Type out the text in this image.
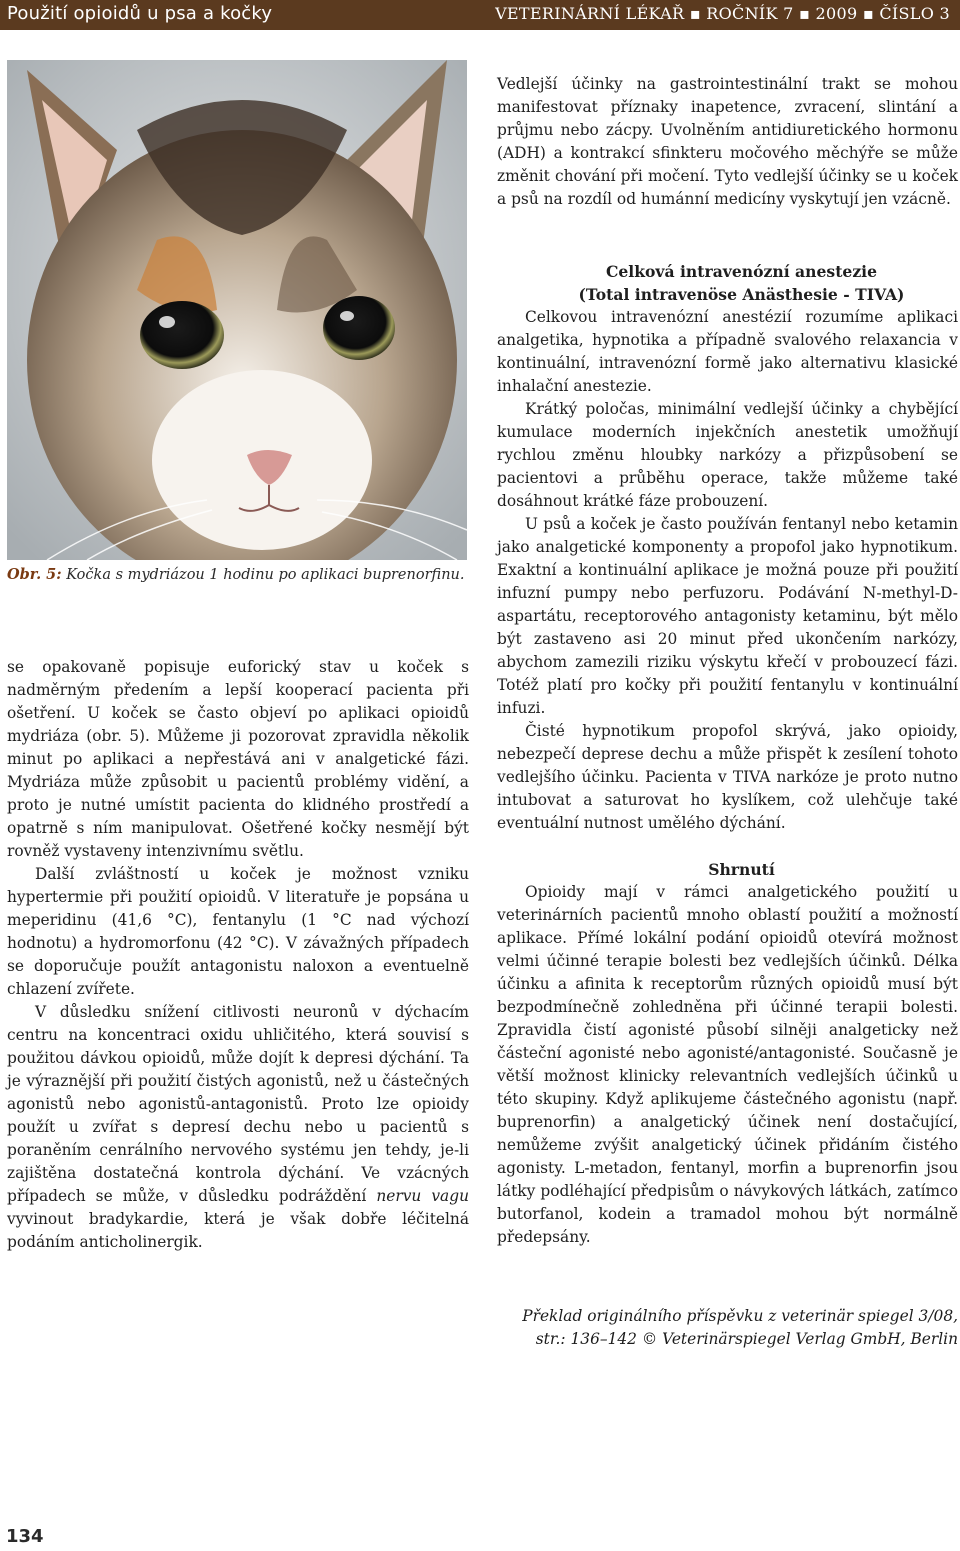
Použití opioidů u psa a kočky	VETERINÁRNÍ LÉKAŘ ▪ ROČNÍK 7 ▪ 2009 ▪ ČÍSLO 3
Obr. 5: Kočka s mydriázou 1 hodinu po aplikaci buprenorfinu.

se opakovaně popisuje euforický stav u koček s nadměrným předením a lepší kooperací pacienta při ošetření. U koček se často objeví po aplikaci opioidů mydriáza (obr. 5). Můžeme ji pozorovat zpravidla několik minut po aplikaci a nepřestává ani v analgetické fázi. Mydriáza může způsobit u pacientů problémy vidění, a proto je nutné umístit pacienta do klidného prostředí a opatrně s ním manipulovat. Ošetřené kočky nesmějí být rovněž vystaveny intenzivnímu světlu.

Další zvláštností u koček je možnost vzniku hypertermie při použití opioidů. V literatuře je popsána u meperidinu (41,6 °C), fentanylu (1 °C nad výchozí hodnotu) a hydromorfonu (42 °C). V závažných případech se doporučuje použít antagonistu naloxon a eventuelně chlazení zvířete.

V důsledku snížení citlivosti neuronů v dýchacím centru na koncentraci oxidu uhličitého, která souvisí s použitou dávkou opioidů, může dojít k depresi dýchání. Ta je výraznější při použití čistých agonistů, než u částečných agonistů nebo agonistů-antagonistů. Proto lze opioidy použít u zvířat s depresí dechu nebo u pacientů s poraněním cenrálního nervového systému jen tehdy, je-li zajištěna dostatečná kontrola dýchání. Ve vzácných případech se může, v důsledku podráždění nervu vagu vyvinout bradykardie, která je však dobře léčitelná podáním anticholinergik.

Vedlejší účinky na gastrointestinální trakt se mohou manifestovat příznaky inapetence, zvracení, slintání a průjmu nebo zácpy. Uvolněním antidiuretického hormonu (ADH) a kontrakcí sfinkteru močového měchýře se může změnit chování při močení. Tyto vedlejší účinky se u koček a psů na rozdíl od humánní medicíny vyskytují jen vzácně.

Celková intravenózní anestezie

(Total intravenöse Anästhesie - TIVA)

Celkovou intravenózní anestézií rozumíme aplikaci analgetika, hypnotika a případně svalového relaxancia v kontinuální, intravenózní formě jako alternativu klasické inhalační anestezie.

Krátký poločas, minimální vedlejší účinky a chybějící kumulace moderních injekčních anestetik umožňují rychlou změnu hloubky narkózy a přizpůsobení se pacientovi a průběhu operace, takže můžeme také dosáhnout krátké fáze probouzení.

U psů a koček je často používán fentanyl nebo ketamin jako analgetické komponenty a propofol jako hypnotikum. Exaktní a kontinuální aplikace je možná pouze při použití infuzní pumpy nebo perfuzoru. Podávání N-methyl-D-aspartátu, receptorového antagonisty ketaminu, být mělo být zastaveno asi 20 minut před ukončením narkózy, abychom zamezili riziku výskytu křečí v probouzecí fázi. Totéž platí pro kočky při použití fentanylu v kontinuální infuzi.

Čisté hypnotikum propofol skrývá, jako opioidy, nebezpečí deprese dechu a může přispět k zesílení tohoto vedlejšího účinku. Pacienta v TIVA narkóze je proto nutno intubovat a saturovat ho kyslíkem, což ulehčuje také eventuální nutnost umělého dýchání.

Shrnutí

Opioidy mají v rámci analgetického použití u veterinárních pacientů mnoho oblastí použití a možností aplikace. Přímé lokální podání opioidů otevírá možnost velmi účinné terapie bolesti bez vedlejších účinků. Délka účinku a afinita k receptorům různých opioidů musí být bezpodmínečně zohledněna při účinné terapii bolesti. Zpravidla čistí agonisté působí silněji analgeticky než částeční agonisté nebo agonisté/antagonisté. Současně je větší možnost klinicky relevantních vedlejších účinků u této skupiny. Když aplikujeme částečného agonistu (např. buprenorfin) a analgetický účinek není dostačující, nemůžeme zvýšit analgetický účinek přidáním čistého agonisty. L-metadon, fentanyl, morfin a buprenorfin jsou látky podléhající předpisům o návykových látkách, zatímco butorfanol, kodein a tramadol mohou být normálně předepsány.

Překlad originálního příspěvku z veterinär spiegel 3/08,
str.: 136–142 © Veterinärspiegel Verlag GmbH, Berlin
134
